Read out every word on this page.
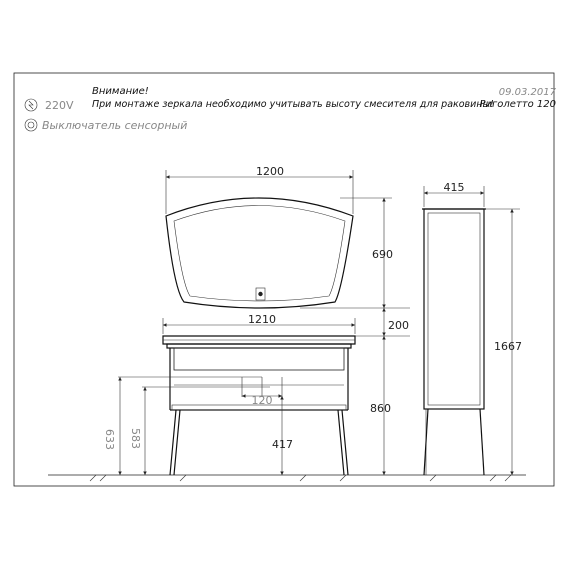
Внимание!
При монтаже зеркала необходимо учитывать высоту смесителя для раковины!
09.03.2017
Риголетто 120
220V
Выключатель сенсорный
1200
690
200
1210
860
120
633 583	417
415
1667
